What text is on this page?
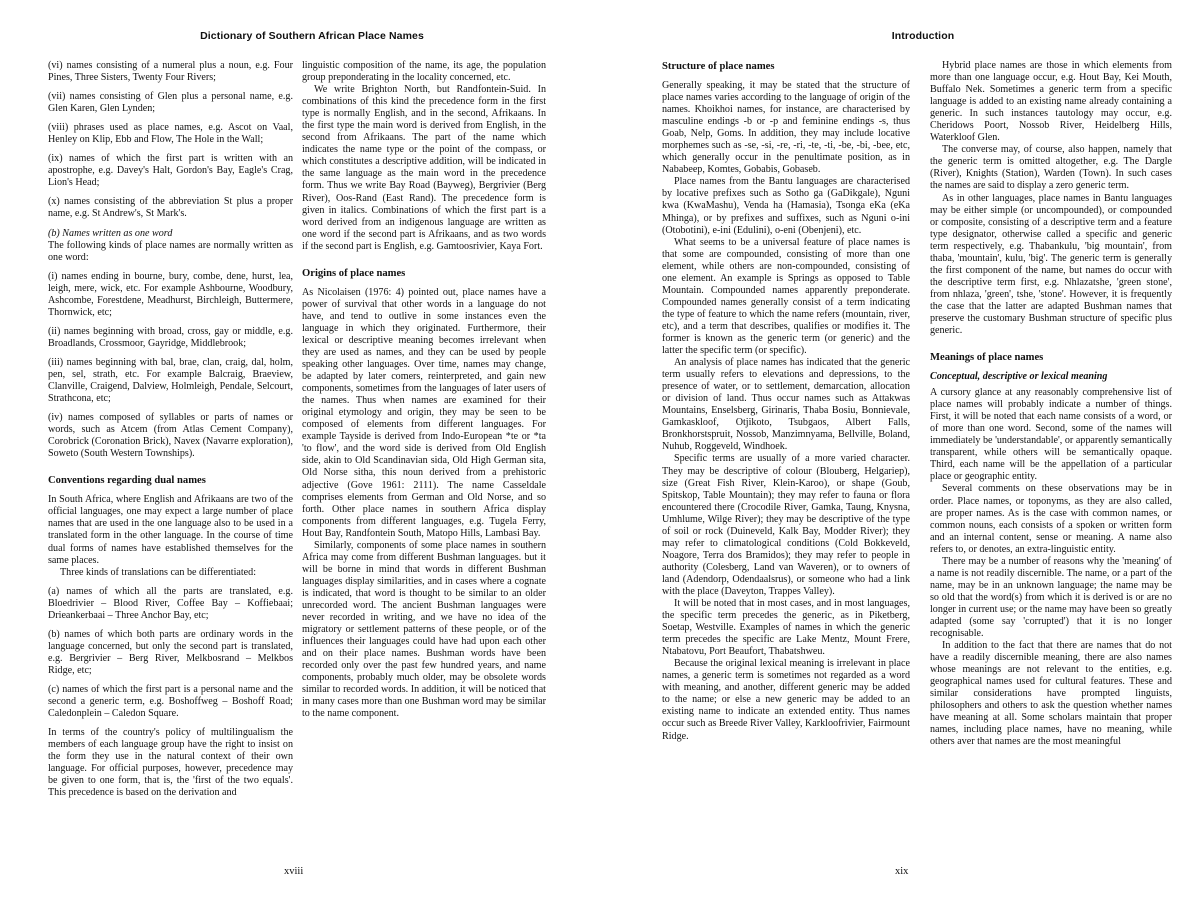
Dictionary of Southern African Place Names

(vi) names consisting of a numeral plus a noun, e.g. Four Pines, Three Sisters, Twenty Four Rivers;

(vii) names consisting of Glen plus a personal name, e.g. Glen Karen, Glen Lynden;

(viii) phrases used as place names, e.g. Ascot on Vaal, Henley on Klip, Ebb and Flow, The Hole in the Wall;

(ix) names of which the first part is written with an apostrophe, e.g. Davey's Halt, Gordon's Bay, Eagle's Crag, Lion's Head;

(x) names consisting of the abbreviation St plus a proper name, e.g. St Andrew's, St Mark's.

(b) Names written as one word

The following kinds of place names are normally written as one word:

(i) names ending in bourne, bury, combe, dene, hurst, lea, leigh, mere, wick, etc. For example Ashbourne, Woodbury, Ashcombe, Forestdene, Meadhurst, Birchleigh, Buttermere, Thornwick, etc;

(ii) names beginning with broad, cross, gay or middle, e.g. Broadlands, Crossmoor, Gayridge, Middlebrook;

(iii) names beginning with bal, brae, clan, craig, dal, holm, pen, sel, strath, etc. For example Balcraig, Braeview, Clanville, Craigend, Dalview, Holmleigh, Pendale, Selcourt, Strathcona, etc;

(iv) names composed of syllables or parts of names or words, such as Atcem (from Atlas Cement Company), Corobrick (Coronation Brick), Navex (Navarre exploration), Soweto (South Western Townships).

Conventions regarding dual names

In South Africa, where English and Afrikaans are two of the official languages, one may expect a large number of place names that are used in the one language also to be used in a translated form in the other language. In the course of time dual forms of names have established themselves for the same places.

Three kinds of translations can be differentiated:

(a) names of which all the parts are translated, e.g. Bloedrivier – Blood River, Coffee Bay – Koffiebaai; Drieankerbaai – Three Anchor Bay, etc;

(b) names of which both parts are ordinary words in the language concerned, but only the second part is translated, e.g. Bergrivier – Berg River, Melkbosrand – Melkbos Ridge, etc;

(c) names of which the first part is a personal name and the second a generic term, e.g. Boshoffweg – Boshoff Road; Caledonplein – Caledon Square.

In terms of the country's policy of multilingualism the members of each language group have the right to insist on the form they use in the natural context of their own language. For official purposes, however, precedence may be given to one form, that is, the 'first of the two equals'. This precedence is based on the derivation and

linguistic composition of the name, its age, the population group preponderating in the locality concerned, etc.

We write Brighton North, but Randfontein-Suid. In combinations of this kind the precedence form in the first type is normally English, and in the second, Afrikaans. In the first type the main word is derived from English, in the second from Afrikaans. The part of the name which indicates the name type or the point of the compass, or which constitutes a descriptive addition, will be indicated in the same language as the main word in the precedence form. Thus we write Bay Road (Bayweg), Bergrivier (Berg River), Oos-Rand (East Rand). The precedence form is given in italics. Combinations of which the first part is a word derived from an indigenous language are written as one word if the second part is Afrikaans, and as two words if the second part is English, e.g. Gamtoosrivier, Kaya Fort.

Origins of place names

As Nicolaisen (1976: 4) pointed out, place names have a power of survival that other words in a language do not have, and tend to outlive in some instances even the language in which they originated. Furthermore, their lexical or descriptive meaning becomes irrelevant when they are used as names, and they can be used by people speaking other languages. Over time, names may change, be adapted by later comers, reinterpreted, and gain new components, sometimes from the languages of later users of the names. Thus when names are examined for their original etymology and origin, they may be seen to be composed of elements from different languages. For example Tayside is derived from Indo-European *te or *ta 'to flow', and the word side is derived from Old English side, akin to Old Scandinavian sida, Old High German sita, Old Norse sitha, this noun derived from a prehistoric adjective (Gove 1961: 2111). The name Casseldale comprises elements from German and Old Norse, and so forth. Other place names in southern Africa display components from different languages, e.g. Tugela Ferry, Hout Bay, Randfontein South, Matopo Hills, Lambasi Bay.

Similarly, components of some place names in southern Africa may come from different Bushman languages. but it will be borne in mind that words in different Bushman languages display similarities, and in cases where a cognate is indicated, that word is thought to be similar to an older unrecorded word. The ancient Bushman languages were never recorded in writing, and we have no idea of the migratory or settlement patterns of these people, or of the influences their languages could have had upon each other and on their place names. Bushman words have been recorded only over the past few hundred years, and name components, probably much older, may be obsolete words similar to recorded words. In addition, it will be noticed that in many cases more than one Bushman word may be similar to the name component.

xviii
Introduction
Structure of place names

Generally speaking, it may be stated that the structure of place names varies according to the language of origin of the names. Khoikhoi names, for instance, are characterised by masculine endings -b or -p and feminine endings -s, thus Goab, Nelp, Goms. In addition, they may include locative morphemes such as -se, -si, -re, -ri, -te, -ti, -be, -bi, -bee, etc, which generally occur in the penultimate position, as in Nababeep, Komtes, Gobabis, Gobaseb.

Place names from the Bantu languages are characterised by locative prefixes such as Sotho ga (GaDikgale), Nguni kwa (KwaMashu), Venda ha (Hamasia), Tsonga eKa (eKa Mhinga), or by prefixes and suffixes, such as Nguni o-ini (Otobotini), e-ini (Edulini), o-eni (Obenjeni), etc.

What seems to be a universal feature of place names is that some are compounded, consisting of more than one element, while others are non-compounded, consisting of one element. An example is Springs as opposed to Table Mountain. Compounded names apparently preponderate. Compounded names generally consist of a term indicating the type of feature to which the name refers (mountain, river, etc), and a term that describes, qualifies or modifies it. The former is known as the generic term (or generic) and the latter the specific term (or specific).

An analysis of place names has indicated that the generic term usually refers to elevations and depressions, to the presence of water, or to settlement, demarcation, allocation or division of land. Thus occur names such as Attakwas Mountains, Enselsberg, Girinaris, Thaba Bosiu, Bonnievale, Gamkaskloof, Otjikoto, Tsubgaos, Albert Falls, Bronkhorstspruit, Nossob, Manzimnyama, Bellville, Boland, Nuhub, Roggeveld, Windhoek.

Specific terms are usually of a more varied character. They may be descriptive of colour (Blouberg, Helgariep), size (Great Fish River, Klein-Karoo), or shape (Goub, Spitskop, Table Mountain); they may refer to fauna or flora encountered there (Crocodile River, Gamka, Taung, Knysna, Umhlume, Wilge River); they may be descriptive of the type of soil or rock (Duineveld, Kalk Bay, Modder River); they may refer to climatological conditions (Cold Bokkeveld, Noagore, Terra dos Bramidos); they may refer to people in authority (Colesberg, Land van Waveren), or to owners of land (Adendorp, Odendaalsrus), or someone who had a link with the place (Daveyton, Trappes Valley).

It will be noted that in most cases, and in most languages, the specific term precedes the generic, as in Piketberg, Soetap, Westville. Examples of names in which the generic term precedes the specific are Lake Mentz, Mount Frere, Ntabatovu, Port Beaufort, Thabatshweu.

Because the original lexical meaning is irrelevant in place names, a generic term is sometimes not regarded as a word with meaning, and another, different generic may be added to the name; or else a new generic may be added to an existing name to indicate an extended entity. Thus names occur such as Breede River Valley, Karkloofrivier, Fairmount Ridge.

Hybrid place names are those in which elements from more than one language occur, e.g. Hout Bay, Kei Mouth, Buffalo Nek. Sometimes a generic term from a specific language is added to an existing name already containing a generic. In such instances tautology may occur, e.g. Cheridows Poort, Nossob River, Heidelberg Hills, Waterkloof Glen.

The converse may, of course, also happen, namely that the generic term is omitted altogether, e.g. The Dargle (River), Knights (Station), Warden (Town). In such cases the names are said to display a zero generic term.

As in other languages, place names in Bantu languages may be either simple (or uncompounded), or compounded or composite, consisting of a descriptive term and a feature type designator, otherwise called a specific and generic term respectively, e.g. Thabankulu, 'big mountain', from thaba, 'mountain', kulu, 'big'. The generic term is generally the first component of the name, but names do occur with the descriptive term first, e.g. Nhlazatshe, 'green stone', from nhlaza, 'green', tshe, 'stone'. However, it is frequently the case that the latter are adapted Bushman names that preserve the customary Bushman structure of specific plus generic.

Meanings of place names
Conceptual, descriptive or lexical meaning

A cursory glance at any reasonably comprehensive list of place names will probably indicate a number of things. First, it will be noted that each name consists of a word, or of more than one word. Second, some of the names will immediately be 'understandable', or apparently semantically transparent, while others will be semantically opaque. Third, each name will be the appellation of a particular place or geographic entity.

Several comments on these observations may be in order. Place names, or toponyms, as they are also called, are proper names. As is the case with common names, or common nouns, each consists of a spoken or written form and an internal content, sense or meaning. A name also refers to, or denotes, an extra-linguistic entity.

There may be a number of reasons why the 'meaning' of a name is not readily discernible. The name, or a part of the name, may be in an unknown language; the name may be so old that the word(s) from which it is derived is or are no longer in current use; or the name may have been so greatly adapted (some say 'corrupted') that it is no longer recognisable.

In addition to the fact that there are names that do not have a readily discernible meaning, there are also names whose meanings are not relevant to the entities, e.g. geographical names used for cultural features. These and similar considerations have prompted linguists, philosophers and others to ask the question whether names have meaning at all. Some scholars maintain that proper names, including place names, have no meaning, while others aver that names are the most meaningful

xix
